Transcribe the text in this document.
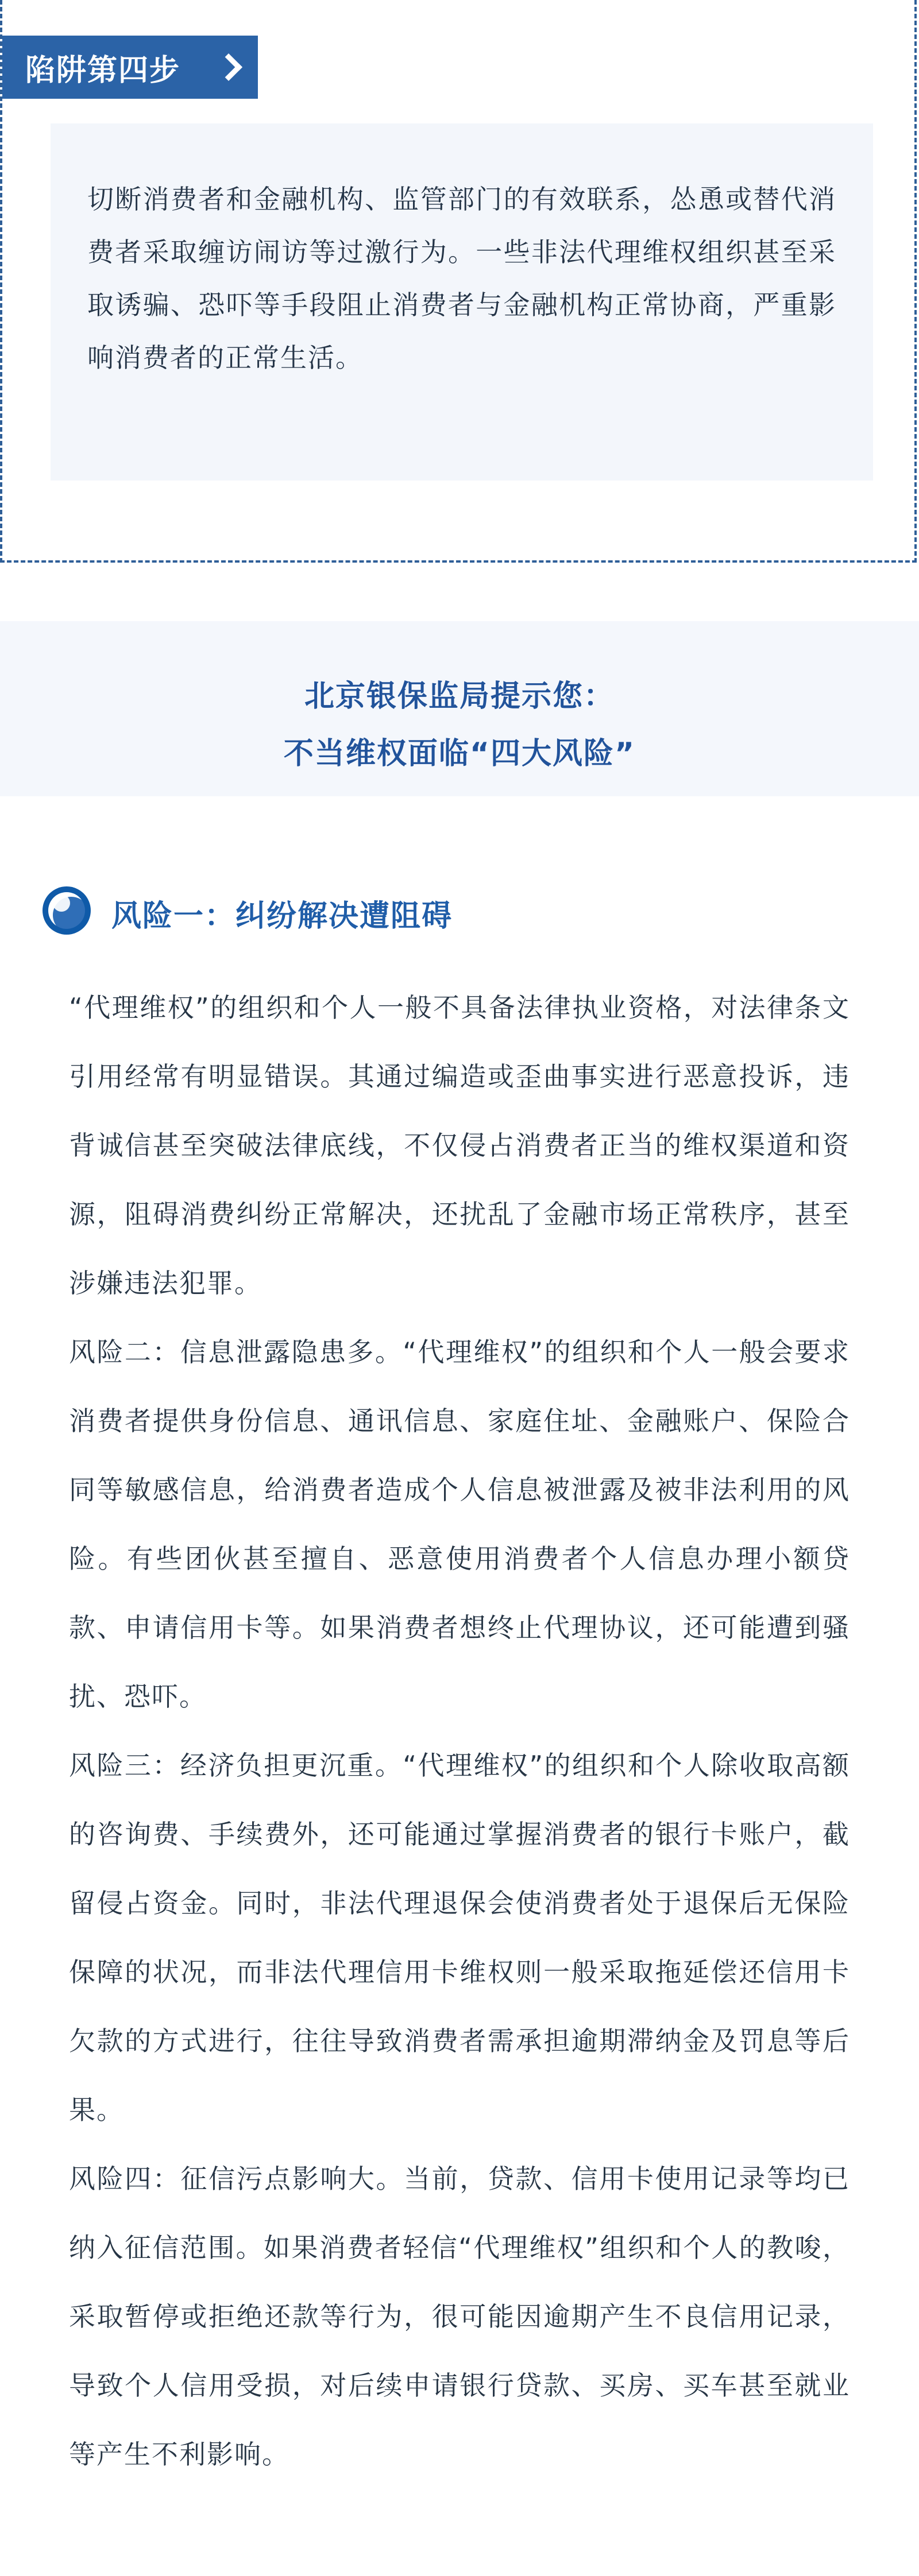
陷阱第四步

切断消费者和金融机构、监管部门的有效联系，怂恿或替代消费者采取缠访闹访等过激行为。一些非法代理维权组织甚至采取诱骗、恐吓等手段阻止消费者与金融机构正常协商，严重影响消费者的正常生活。

北京银保监局提示您：
不当维权面临“四大风险”
风险一：纠纷解决遭阻碍

“代理维权”的组织和个人一般不具备法律执业资格，对法律条文引用经常有明显错误。其通过编造或歪曲事实进行恶意投诉，违背诚信甚至突破法律底线，不仅侵占消费者正当的维权渠道和资源，阻碍消费纠纷正常解决，还扰乱了金融市场正常秩序，甚至涉嫌违法犯罪。

风险二：信息泄露隐患多。“代理维权”的组织和个人一般会要求消费者提供身份信息、通讯信息、家庭住址、金融账户、保险合同等敏感信息，给消费者造成个人信息被泄露及被非法利用的风险。有些团伙甚至擅自、恶意使用消费者个人信息办理小额贷款、申请信用卡等。如果消费者想终止代理协议，还可能遭到骚扰、恐吓。

风险三：经济负担更沉重。“代理维权”的组织和个人除收取高额的咨询费、手续费外，还可能通过掌握消费者的银行卡账户，截留侵占资金。同时，非法代理退保会使消费者处于退保后无保险保障的状况，而非法代理信用卡维权则一般采取拖延偿还信用卡欠款的方式进行，往往导致消费者需承担逾期滞纳金及罚息等后果。

风险四：征信污点影响大。当前，贷款、信用卡使用记录等均已纳入征信范围。如果消费者轻信“代理维权”组织和个人的教唆，采取暂停或拒绝还款等行为，很可能因逾期产生不良信用记录，导致个人信用受损，对后续申请银行贷款、买房、买车甚至就业等产生不利影响。
